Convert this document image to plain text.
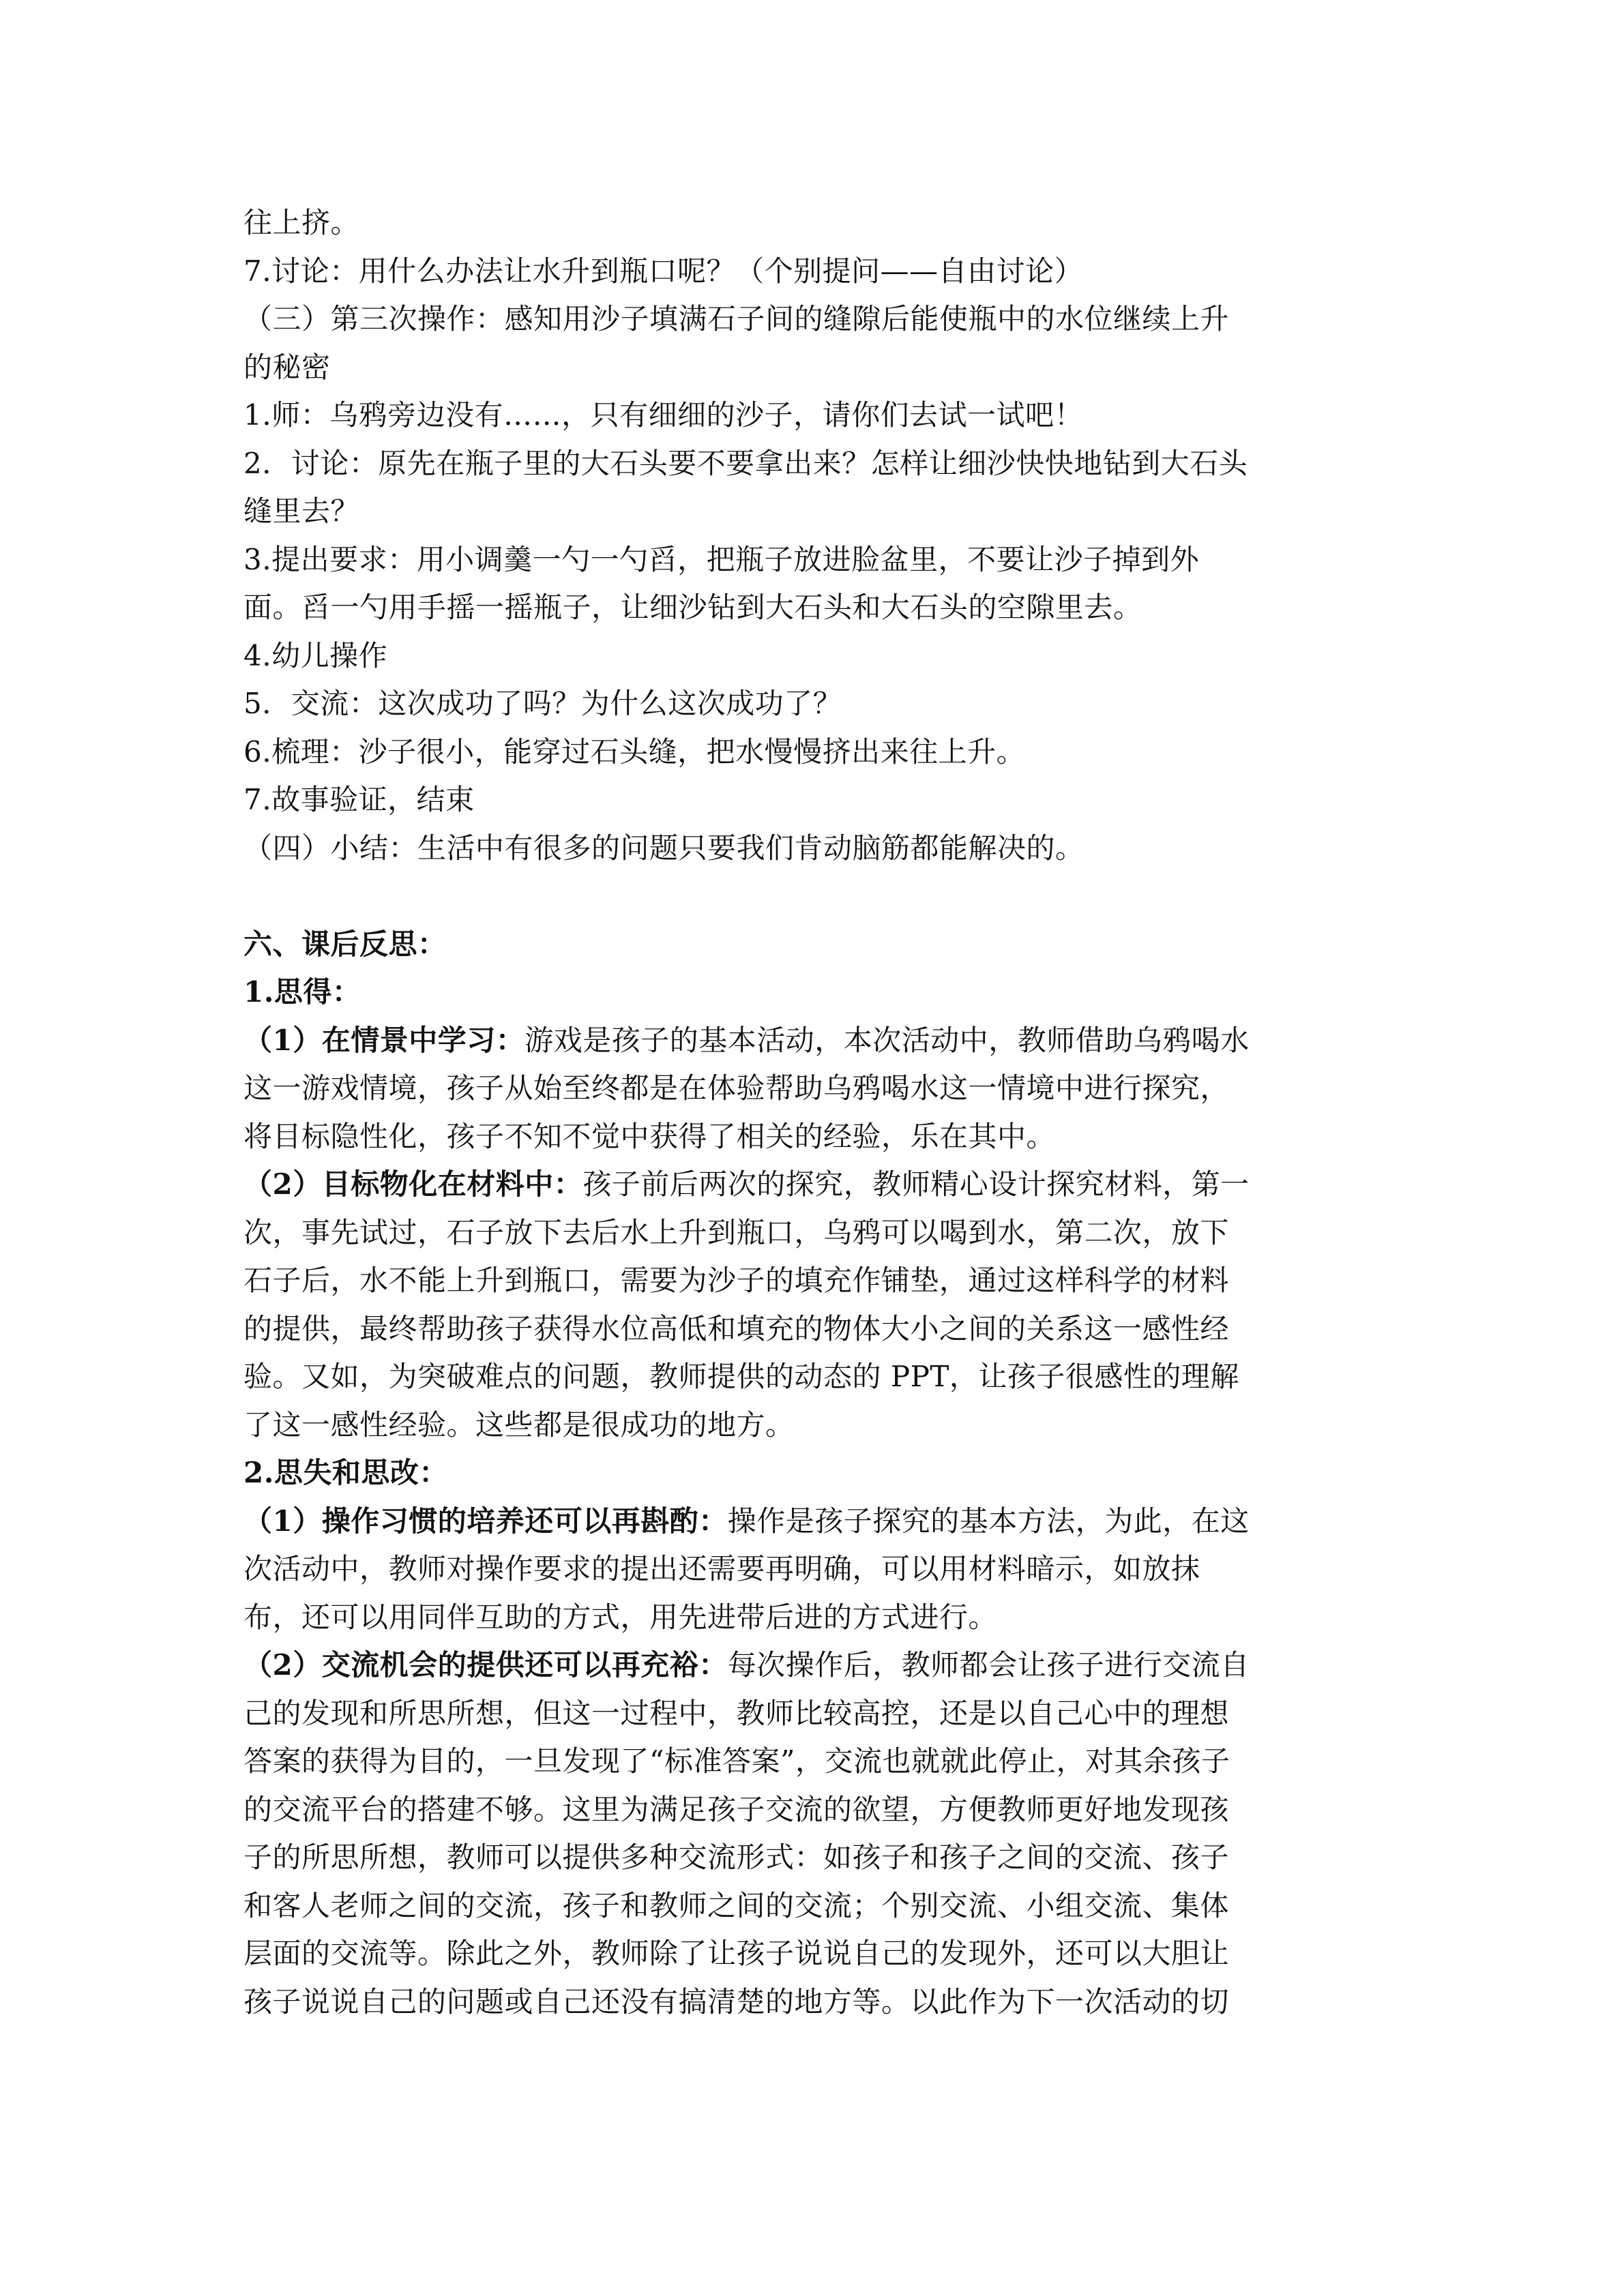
往上挤。
7.讨论：用什么办法让水升到瓶口呢？（个别提问——自由讨论）
（三）第三次操作：感知用沙子填满石子间的缝隙后能使瓶中的水位继续上升
的秘密
1.师：乌鸦旁边没有……，只有细细的沙子，请你们去试一试吧！
2．讨论：原先在瓶子里的大石头要不要拿出来？怎样让细沙快快地钻到大石头
缝里去？
3.提出要求：用小调羹一勺一勺舀，把瓶子放进脸盆里，不要让沙子掉到外
面。舀一勺用手摇一摇瓶子，让细沙钻到大石头和大石头的空隙里去。
4.幼儿操作
5．交流：这次成功了吗？为什么这次成功了？
6.梳理：沙子很小，能穿过石头缝，把水慢慢挤出来往上升。
7.故事验证，结束
（四）小结：生活中有很多的问题只要我们肯动脑筋都能解决的。
六、课后反思：
1.思得：
（1）在情景中学习：游戏是孩子的基本活动，本次活动中，教师借助乌鸦喝水
这一游戏情境，孩子从始至终都是在体验帮助乌鸦喝水这一情境中进行探究，
将目标隐性化，孩子不知不觉中获得了相关的经验，乐在其中。
（2）目标物化在材料中：孩子前后两次的探究，教师精心设计探究材料，第一
次，事先试过，石子放下去后水上升到瓶口，乌鸦可以喝到水，第二次，放下
石子后，水不能上升到瓶口，需要为沙子的填充作铺垫，通过这样科学的材料
的提供，最终帮助孩子获得水位高低和填充的物体大小之间的关系这一感性经
验。又如，为突破难点的问题，教师提供的动态的 PPT，让孩子很感性的理解
了这一感性经验。这些都是很成功的地方。
2.思失和思改：
（1）操作习惯的培养还可以再斟酌：操作是孩子探究的基本方法，为此，在这
次活动中，教师对操作要求的提出还需要再明确，可以用材料暗示，如放抹
布，还可以用同伴互助的方式，用先进带后进的方式进行。
（2）交流机会的提供还可以再充裕：每次操作后，教师都会让孩子进行交流自
己的发现和所思所想，但这一过程中，教师比较高控，还是以自己心中的理想
答案的获得为目的，一旦发现了“标准答案”，交流也就就此停止，对其余孩子
的交流平台的搭建不够。这里为满足孩子交流的欲望，方便教师更好地发现孩
子的所思所想，教师可以提供多种交流形式：如孩子和孩子之间的交流、孩子
和客人老师之间的交流，孩子和教师之间的交流；个别交流、小组交流、集体
层面的交流等。除此之外，教师除了让孩子说说自己的发现外，还可以大胆让
孩子说说自己的问题或自己还没有搞清楚的地方等。以此作为下一次活动的切
